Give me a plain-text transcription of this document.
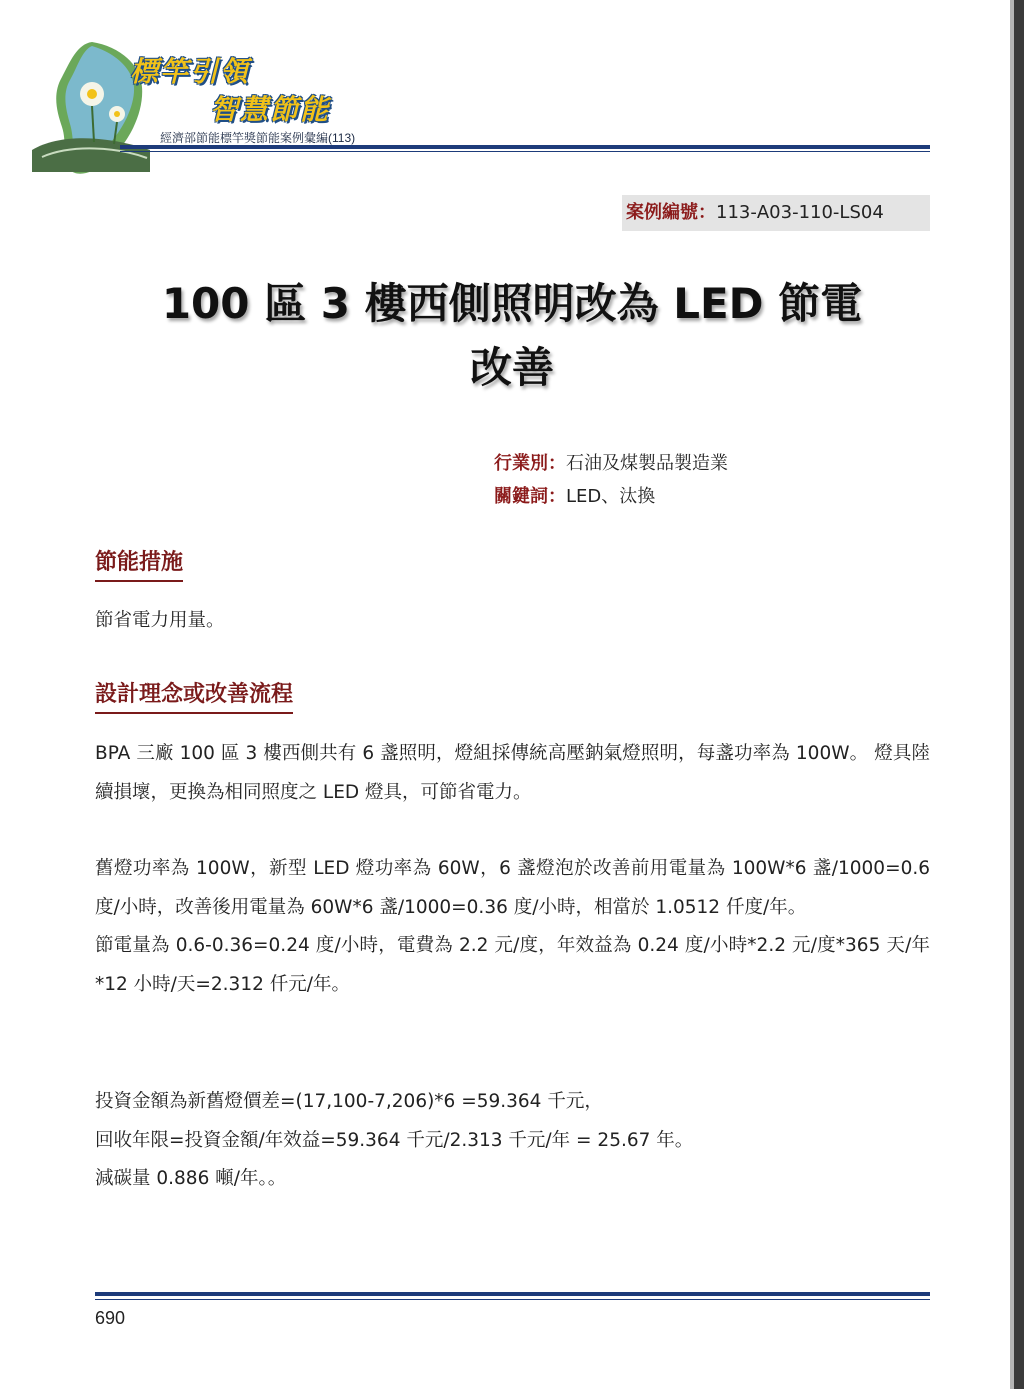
標竿引領
智慧節能
經濟部節能標竿獎節能案例彙編(113)
案例編號：113-A03-110-LS04
100 區 3 樓西側照明改為 LED 節電
改善
行業別：石油及煤製品製造業
關鍵詞：LED、汰換
節能措施
節省電力用量。
設計理念或改善流程
BPA 三廠 100 區 3 樓西側共有 6 盞照明，燈組採傳統高壓鈉氣燈照明，每盞功率為 100W。 燈具陸續損壞，更換為相同照度之 LED 燈具，可節省電力。
舊燈功率為 100W，新型 LED 燈功率為 60W，6 盞燈泡於改善前用電量為 100W*6 盞/1000=0.6 度/小時，改善後用電量為 60W*6 盞/1000=0.36 度/小時，相當於 1.0512 仟度/年。
節電量為 0.6-0.36=0.24 度/小時，電費為 2.2 元/度，年效益為 0.24 度/小時*2.2 元/度*365 天/年*12 小時/天=2.312 仟元/年。
投資金額為新舊燈價差=(17,100-7,206)*6 =59.364 千元，
回收年限=投資金額/年效益=59.364 千元/2.313 千元/年 = 25.67 年。
減碳量 0.886 噸/年。。
690
